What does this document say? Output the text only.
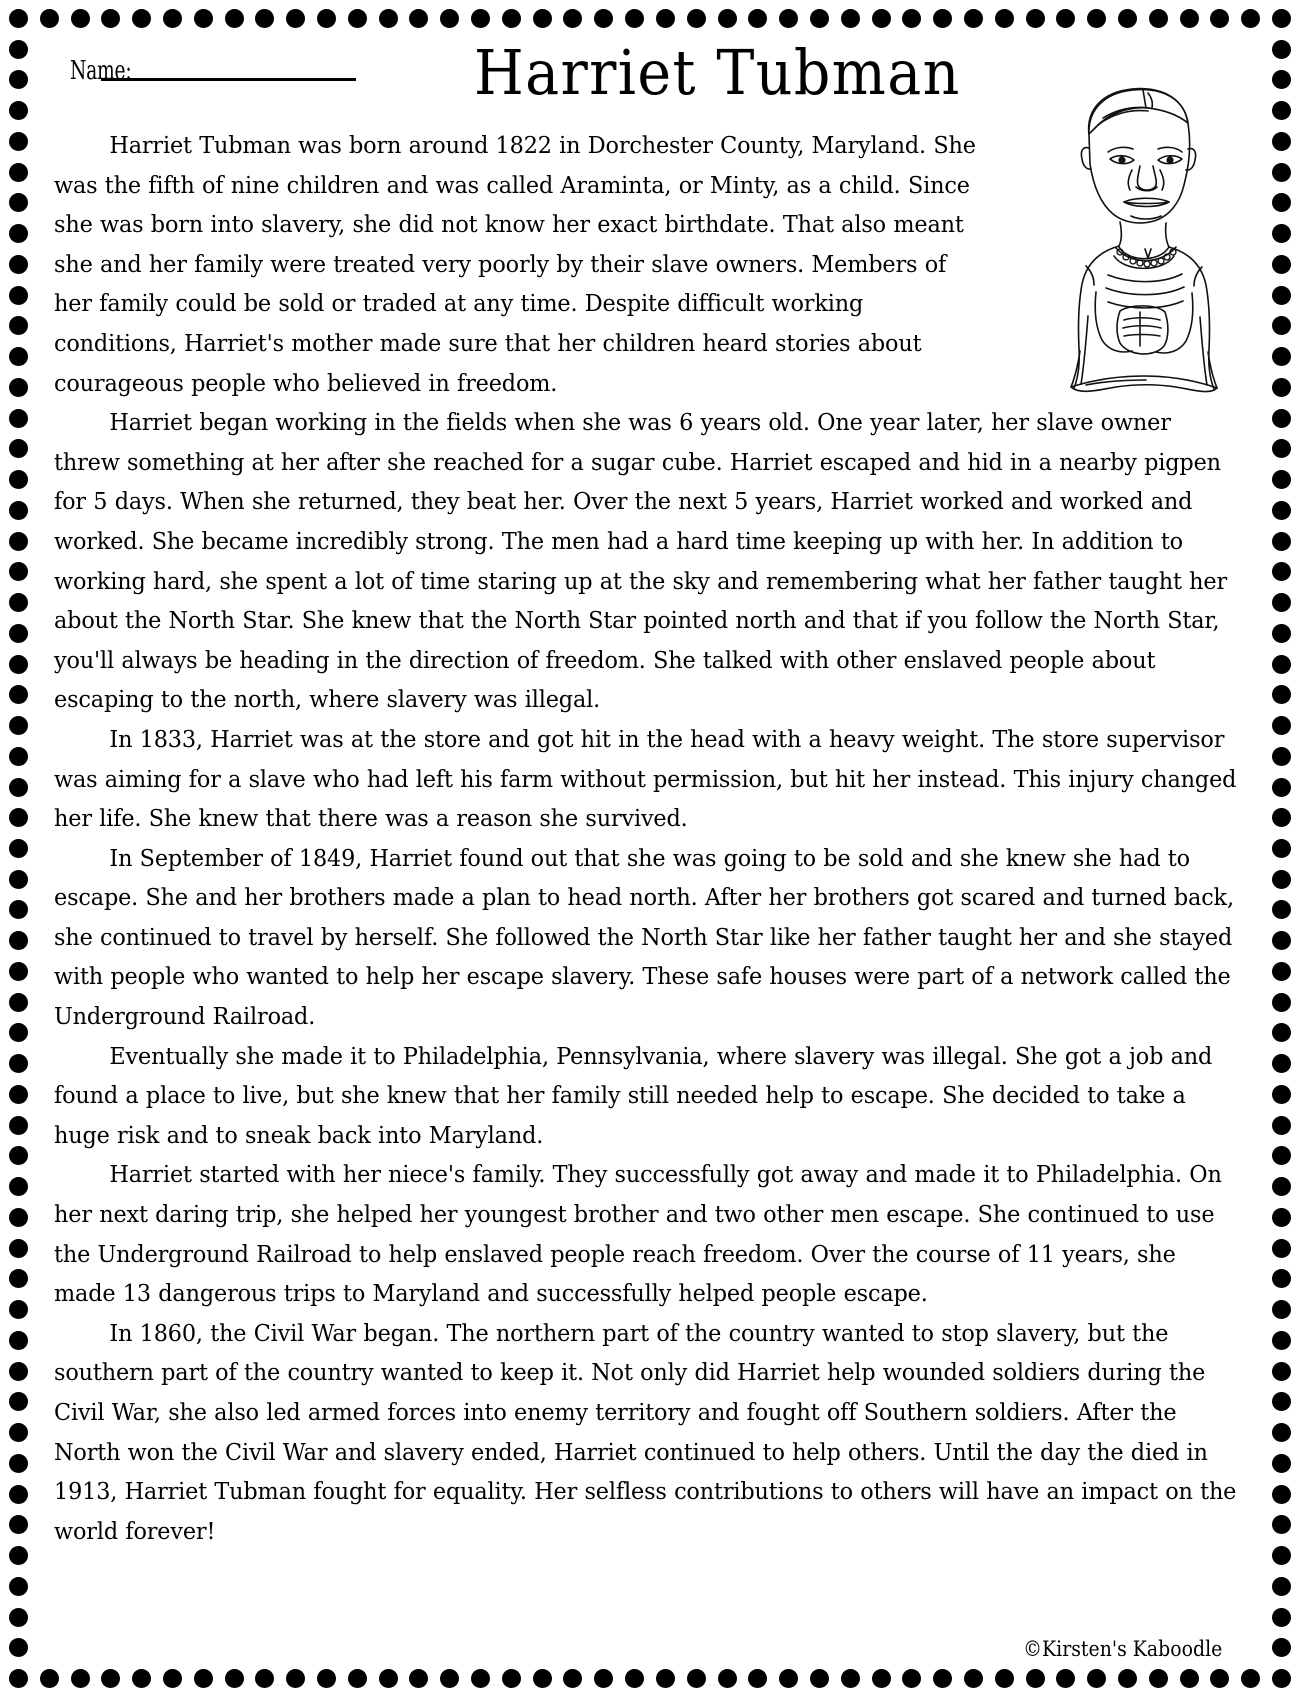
Name:	Harriet Tubman

Harriet Tubman was born around 1822 in Dorchester County, Maryland. She was the fifth of nine children and was called Araminta, or Minty, as a child. Since she was born into slavery, she did not know her exact birthdate. That also meant she and her family were treated very poorly by their slave owners. Members of her family could be sold or traded at any time. Despite difficult working conditions, Harriet's mother made sure that her children heard stories about courageous people who believed in freedom.

Harriet began working in the fields when she was 6 years old. One year later, her slave owner threw something at her after she reached for a sugar cube. Harriet escaped and hid in a nearby pigpen for 5 days. When she returned, they beat her. Over the next 5 years, Harriet worked and worked and worked. She became incredibly strong. The men had a hard time keeping up with her. In addition to working hard, she spent a lot of time staring up at the sky and remembering what her father taught her about the North Star. She knew that the North Star pointed north and that if you follow the North Star, you'll always be heading in the direction of freedom. She talked with other enslaved people about escaping to the north, where slavery was illegal.

In 1833, Harriet was at the store and got hit in the head with a heavy weight. The store supervisor was aiming for a slave who had left his farm without permission, but hit her instead. This injury changed her life. She knew that there was a reason she survived.

In September of 1849, Harriet found out that she was going to be sold and she knew she had to escape. She and her brothers made a plan to head north. After her brothers got scared and turned back, she continued to travel by herself. She followed the North Star like her father taught her and she stayed with people who wanted to help her escape slavery. These safe houses were part of a network called the Underground Railroad.

Eventually she made it to Philadelphia, Pennsylvania, where slavery was illegal. She got a job and found a place to live, but she knew that her family still needed help to escape. She decided to take a huge risk and to sneak back into Maryland.

Harriet started with her niece's family. They successfully got away and made it to Philadelphia. On her next daring trip, she helped her youngest brother and two other men escape. She continued to use the Underground Railroad to help enslaved people reach freedom. Over the course of 11 years, she made 13 dangerous trips to Maryland and successfully helped people escape.

In 1860, the Civil War began. The northern part of the country wanted to stop slavery, but the southern part of the country wanted to keep it. Not only did Harriet help wounded soldiers during the Civil War, she also led armed forces into enemy territory and fought off Southern soldiers. After the North won the Civil War and slavery ended, Harriet continued to help others. Until the day the died in 1913, Harriet Tubman fought for equality. Her selfless contributions to others will have an impact on the world forever!

©Kirsten's Kaboodle
